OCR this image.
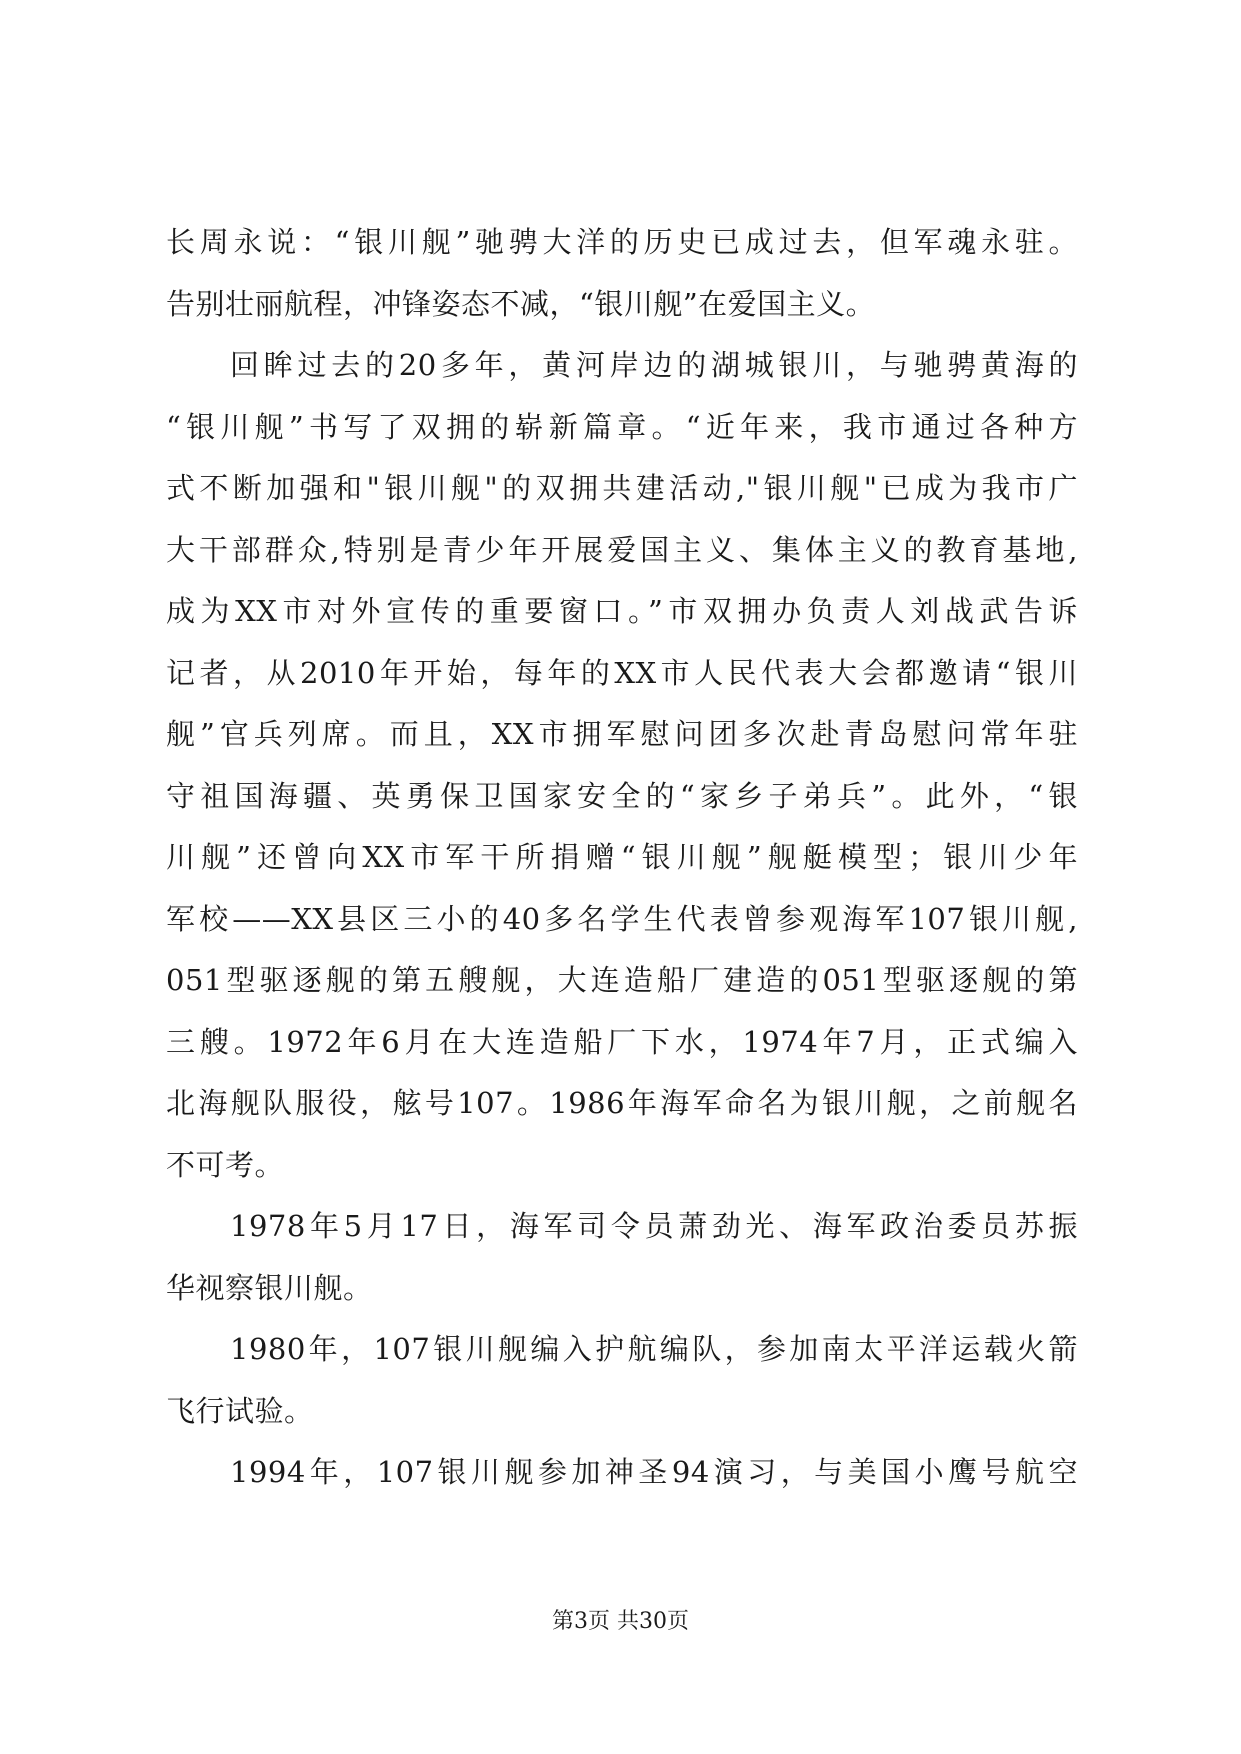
长周永说：“银川舰”驰骋大洋的历史已成过去，但军魂永驻。
告别壮丽航程，冲锋姿态不减，“银川舰”在爱国主义。
回眸过去的20多年，黄河岸边的湖城银川，与驰骋黄海的
“银川舰”书写了双拥的崭新篇章。“近年来，我市通过各种方
式不断加强和"银川舰"的双拥共建活动,"银川舰"已成为我市广
大干部群众,特别是青少年开展爱国主义、集体主义的教育基地,
成为XX市对外宣传的重要窗口。”市双拥办负责人刘战武告诉
记者，从2010年开始，每年的XX市人民代表大会都邀请“银川
舰”官兵列席。而且，XX市拥军慰问团多次赴青岛慰问常年驻
守祖国海疆、英勇保卫国家安全的“家乡子弟兵”。此外，“银
川舰”还曾向XX市军干所捐赠“银川舰”舰艇模型；银川少年
军校——XX县区三小的40多名学生代表曾参观海军107银川舰,
051型驱逐舰的第五艘舰，大连造船厂建造的051型驱逐舰的第
三艘。1972年6月在大连造船厂下水，1974年7月，正式编入
北海舰队服役，舷号107。1986年海军命名为银川舰，之前舰名
不可考。
1978年5月17日，海军司令员萧劲光、海军政治委员苏振
华视察银川舰。
1980年，107银川舰编入护航编队，参加南太平洋运载火箭
飞行试验。
1994年，107银川舰参加神圣94演习，与美国小鹰号航空
第3页 共30页
